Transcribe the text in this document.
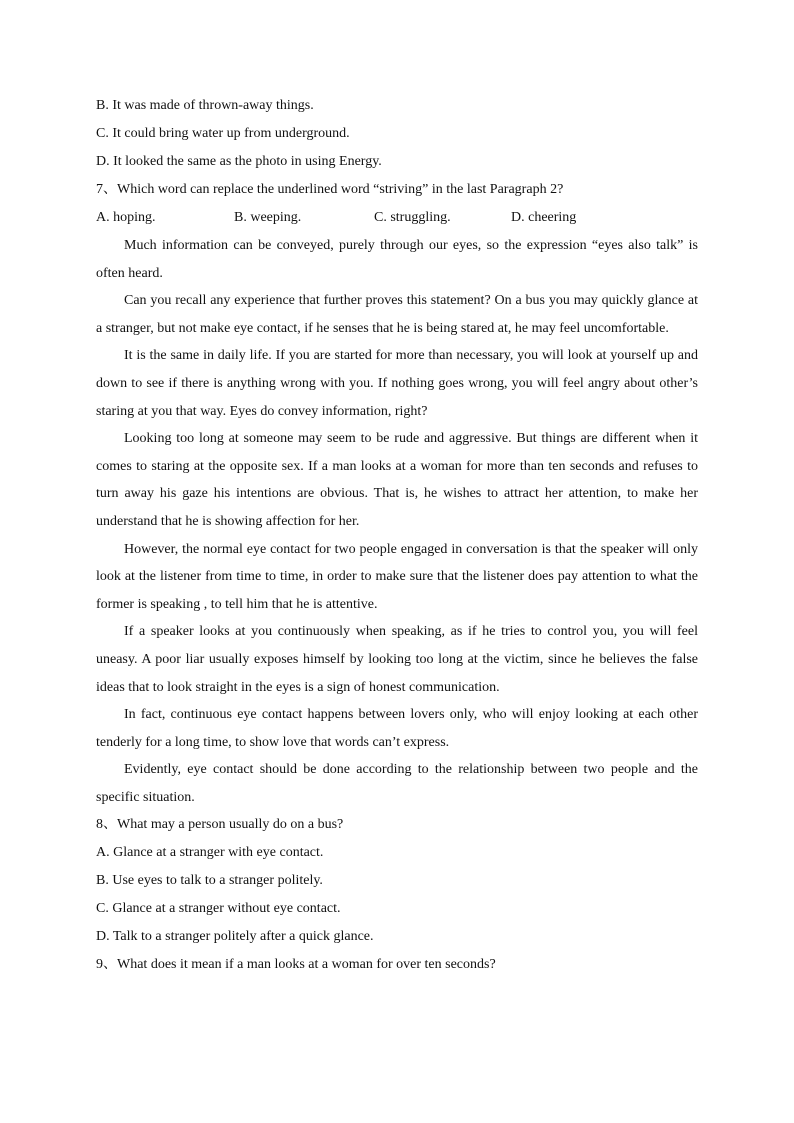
B. It was made of thrown-away things.

C. It could bring water up from underground.

D. It looked the same as the photo in using Energy.

7、Which word can replace the underlined word “striving” in the last Paragraph 2?

A. hoping.	B. weeping.	C. struggling.	D. cheering

Much information can be conveyed, purely through our eyes, so the expression “eyes also talk” is often heard.

Can you recall any experience that further proves this statement? On a bus you may quickly glance at a stranger, but not make eye contact, if he senses that he is being stared at, he may feel uncomfortable.

It is the same in daily life. If you are started for more than necessary, you will look at yourself up and down to see if there is anything wrong with you. If nothing goes wrong, you will feel angry about other’s staring at you that way. Eyes do convey information, right?

Looking too long at someone may seem to be rude and aggressive. But things are different when it comes to staring at the opposite sex. If a man looks at a woman for more than ten seconds and refuses to turn away his gaze his intentions are obvious. That is, he wishes to attract her attention, to make her understand that he is showing affection for her.

However, the normal eye contact for two people engaged in conversation is that the speaker will only look at the listener from time to time, in order to make sure that the listener does pay attention to what the former is speaking , to tell him that he is attentive.

If a speaker looks at you continuously when speaking, as if he tries to control you, you will feel uneasy. A poor liar usually exposes himself by looking too long at the victim, since he believes the false ideas that to look straight in the eyes is a sign of honest communication.

In fact, continuous eye contact happens between lovers only, who will enjoy looking at each other tenderly for a long time, to show love that words can’t express.

Evidently, eye contact should be done according to the relationship between two people and the specific situation.

8、What may a person usually do on a bus?

A. Glance at a stranger with eye contact.

B. Use eyes to talk to a stranger politely.

C. Glance at a stranger without eye contact.

D. Talk to a stranger politely after a quick glance.

9、What does it mean if a man looks at a woman for over ten seconds?
